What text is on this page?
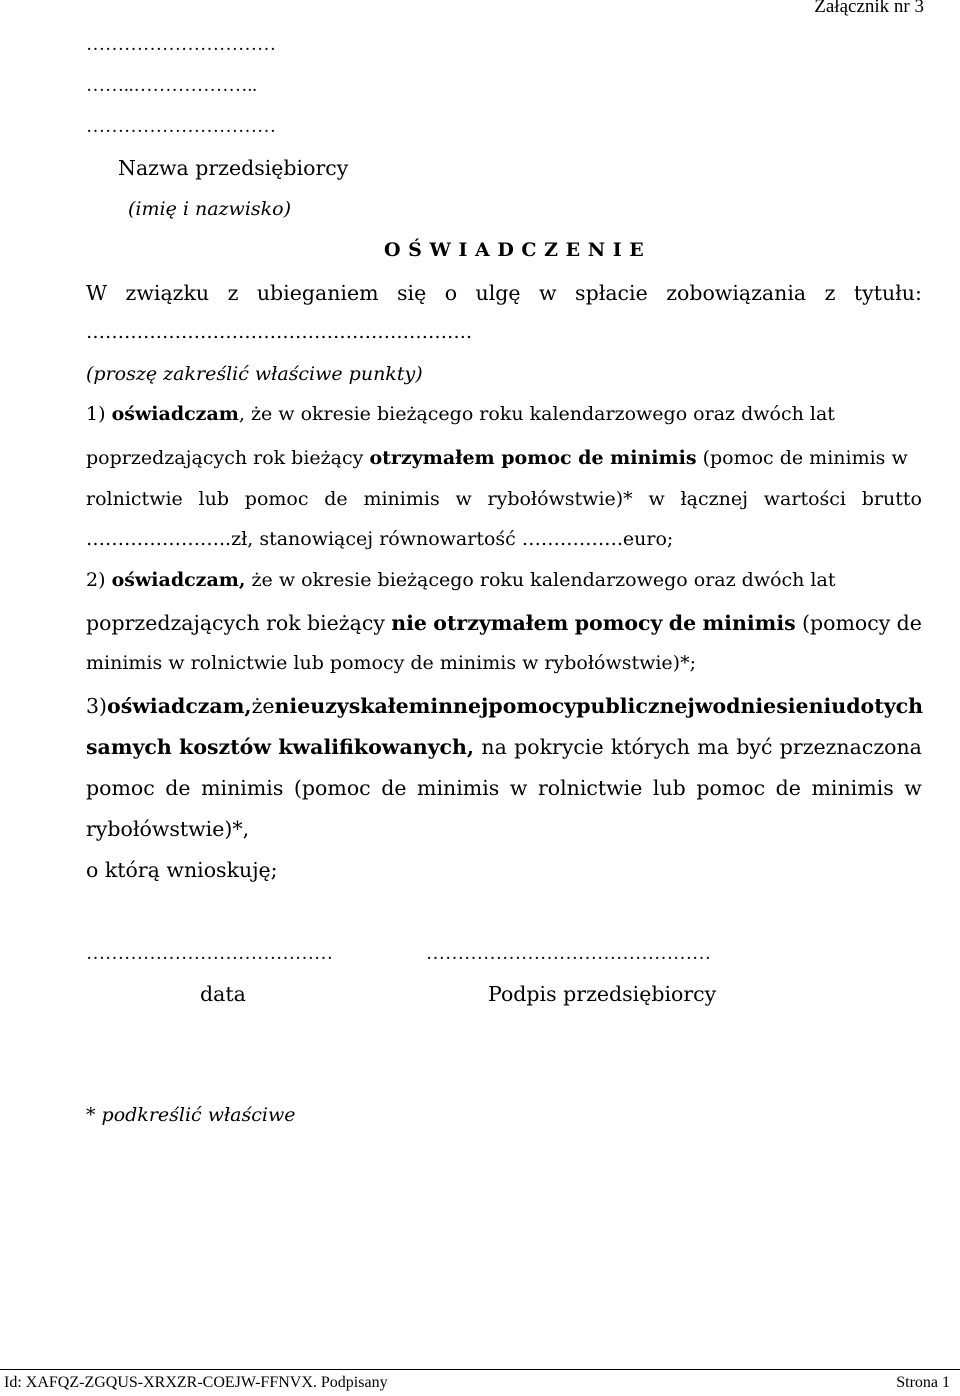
Załącznik nr 3
…………………………
……..………………..
…………………………
Nazwa przedsiębiorcy
(imię i nazwisko)
O Ś W I A D C Z E N I E
W związku z ubieganiem się o ulgę w spłacie zobowiązania z tytułu:
…………………………………………………….
(proszę zakreślić właściwe punkty)
1) oświadczam, że w okresie bieżącego roku kalendarzowego oraz dwóch lat
poprzedzających rok bieżący otrzymałem pomoc de minimis (pomoc de minimis w
rolnictwie lub pomoc de minimis w rybołówstwie)* w łącznej wartości brutto
…………………..zł, stanowiącej równowartość …………….euro;
2) oświadczam, że w okresie bieżącego roku kalendarzowego oraz dwóch lat
poprzedzających rok bieżący nie otrzymałem pomocy de minimis (pomocy de
minimis w rolnictwie lub pomocy de minimis w rybołówstwie)*;
3) oświadczam, że nie uzyskałem innej pomocy publicznej w odniesieniu do tych
samych kosztów kwalifikowanych, na pokrycie których ma być przeznaczona
pomoc de minimis (pomoc de minimis w rolnictwie lub pomoc de minimis w
rybołówstwie)*,
o którą wnioskuję;
…………………………………	………………………………………
data	Podpis przedsiębiorcy
* podkreślić właściwe
Id: XAFQZ-ZGQUS-XRXZR-COEJW-FFNVX. Podpisany	Strona 1
